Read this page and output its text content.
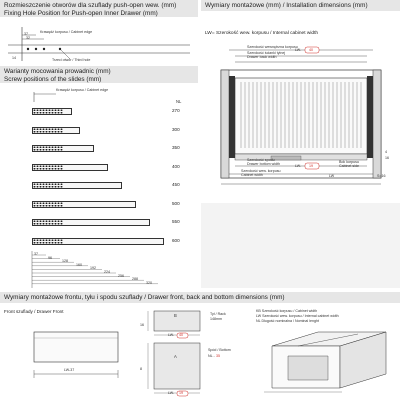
Rozmieszczenie otworów dla szuflady push-open wew. (mm)
Fixing Hole Position for Push-open Inner Drawer (mm)
Krawędź korpusu / Cabinet edge
37
32
14	Trzeci otwór / Third hole
Warianty mocowania prowadnic (mm)
Screw positions of the slides (mm)
Krawędź korpusu / Cabinet edge
NL
270
300
350
400
450
500
550
600
37
96
128
160
192
224
256
288
320
Wymiary montażowe (mm) / Installation dimensions (mm)
LW= Szerokość wew. korpusu / Internal cabinet width
Szerokość wewnętrzna korpusu
Szerokość ścianki tylnej
Drawer back width
LW- 40
Szerokość spodu
Drawer bottom width	LW- 19
Szerokość wew. korpusu
Cabinet width
Bok korpusu
Cabinet side
LW	S=16
4
16
Wymiary montażowe frontu, tyłu i spodu szuflady / Drawer front, back and bottom dimensions (mm)
Front szuflady / Drawer Front
LW-37
16
8
B
LW- 40
Tył / Rack
148mm
A
Spód / Bottom
NL - 35
LW- 19
KB Szerokość korpusu / Cabinet width
LW Szerokość wew. korpusu / Internal cabinet width
NL Długość nominalna / Nominal lenght
